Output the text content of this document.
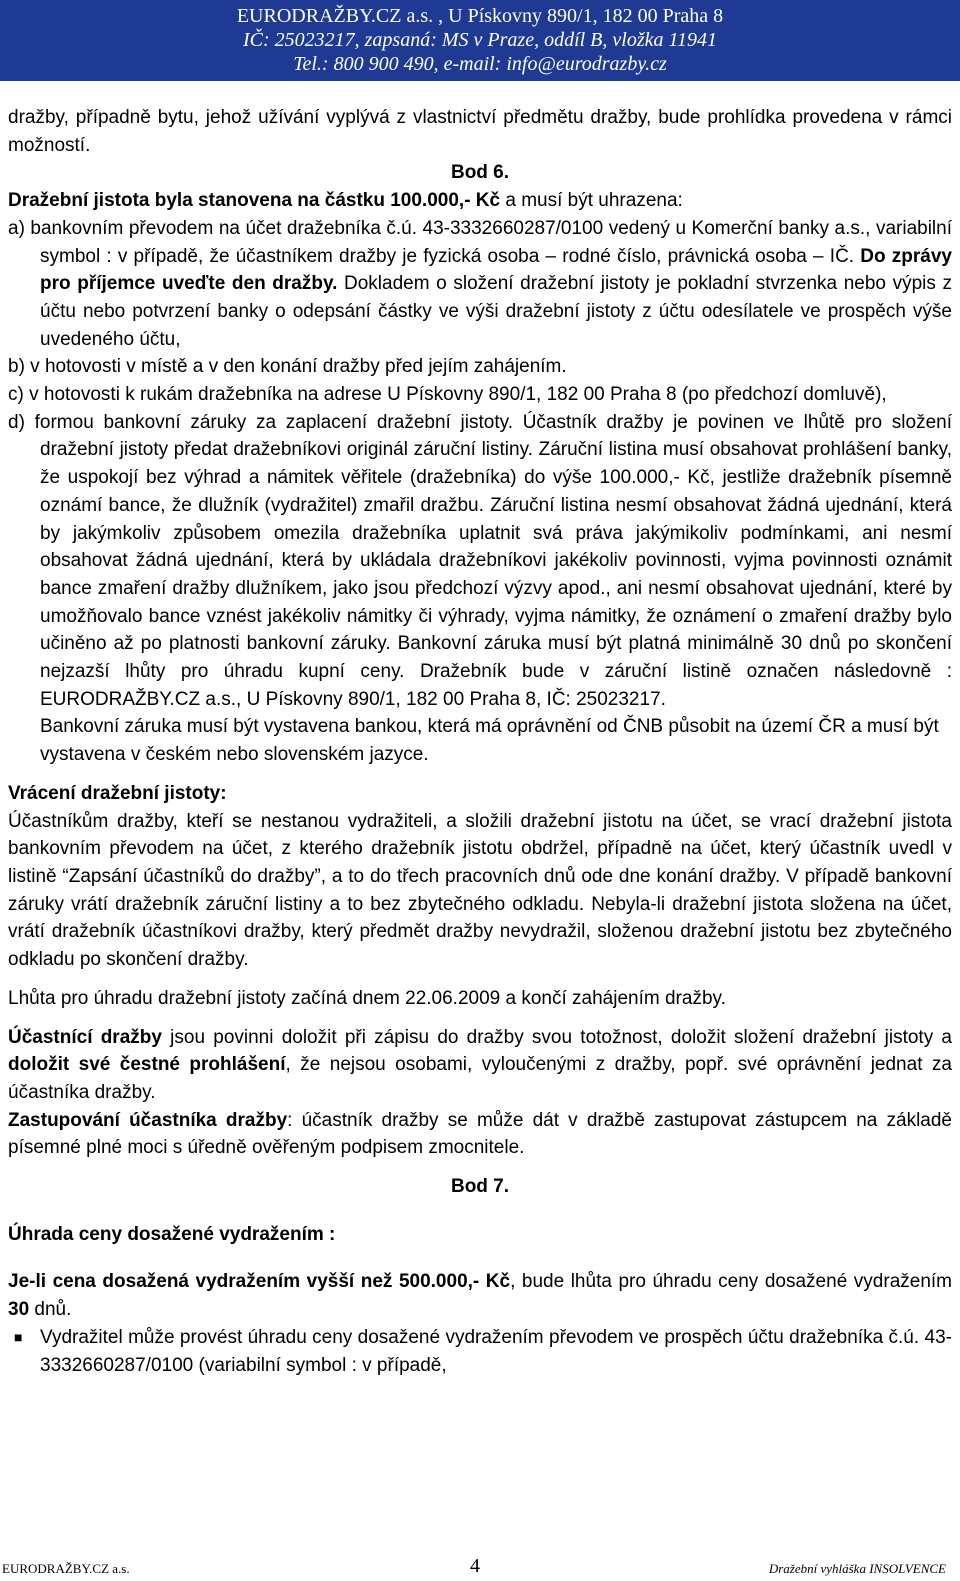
EURODRAŽBY.CZ a.s. , U Pískovny 890/1, 182 00 Praha 8
IČ: 25023217, zapsaná: MS v Praze, oddíl B, vložka 11941
Tel.: 800 900 490, e-mail: info@eurodrazby.cz

dražby, případně bytu, jehož užívání vyplývá z vlastnictví předmětu dražby, bude prohlídka provedena v rámci možností.

Bod 6.

Dražební jistota byla stanovena na částku 100.000,- Kč a musí být uhrazena:

a) bankovním převodem na účet dražebníka č.ú. 43-3332660287/0100 vedený u Komerční banky a.s., variabilní symbol : v případě, že účastníkem dražby je fyzická osoba – rodné číslo, právnická osoba – IČ. Do zprávy pro příjemce uveďte den dražby. Dokladem o složení dražební jistoty je pokladní stvrzenka nebo výpis z účtu nebo potvrzení banky o odepsání částky ve výši dražební jistoty z účtu odesílatele ve prospěch výše uvedeného účtu,

b) v hotovosti v místě a v den konání dražby před jejím zahájením.

c) v hotovosti k rukám dražebníka na adrese U Pískovny 890/1, 182 00 Praha 8 (po předchozí domluvě),

d) formou bankovní záruky za zaplacení dražební jistoty. Účastník dražby je povinen ve lhůtě pro složení dražební jistoty předat dražebníkovi originál záruční listiny. Záruční listina musí obsahovat prohlášení banky, že uspokojí bez výhrad a námitek věřitele (dražebníka) do výše 100.000,- Kč, jestliže dražebník písemně oznámí bance, že dlužník (vydražitel) zmařil dražbu. Záruční listina nesmí obsahovat žádná ujednání, která by jakýmkoliv způsobem omezila dražebníka uplatnit svá práva jakýmikoliv podmínkami, ani nesmí obsahovat žádná ujednání, která by ukládala dražebníkovi jakékoliv povinnosti, vyjma povinnosti oznámit bance zmaření dražby dlužníkem, jako jsou předchozí výzvy apod., ani nesmí obsahovat ujednání, které by umožňovalo bance vznést jakékoliv námitky či výhrady, vyjma námitky, že oznámení o zmaření dražby bylo učiněno až po platnosti bankovní záruky. Bankovní záruka musí být platná minimálně 30 dnů po skončení nejzazší lhůty pro úhradu kupní ceny. Dražebník bude v záruční listině označen následovně : EURODRAŽBY.CZ a.s., U Pískovny 890/1, 182 00 Praha 8, IČ: 25023217.

Bankovní záruka musí být vystavena bankou, která má oprávnění od ČNB působit na území ČR a musí být vystavena v českém nebo slovenském jazyce.

Vrácení dražební jistoty:

Účastníkům dražby, kteří se nestanou vydražiteli, a složili dražební jistotu na účet, se vrací dražební jistota bankovním převodem na účet, z kterého dražebník jistotu obdržel, případně na účet, který účastník uvedl v listině “Zapsání účastníků do dražby”, a to do třech pracovních dnů ode dne konání dražby. V případě bankovní záruky vrátí dražebník záruční listiny a to bez zbytečného odkladu. Nebyla-li dražební jistota složena na účet, vrátí dražebník účastníkovi dražby, který předmět dražby nevydražil, složenou dražební jistotu bez zbytečného odkladu po skončení dražby.

Lhůta pro úhradu dražební jistoty začíná dnem 22.06.2009 a končí zahájením dražby.

Účastnící dražby jsou povinni doložit při zápisu do dražby svou totožnost, doložit složení dražební jistoty a doložit své čestné prohlášení, že nejsou osobami, vyloučenými z dražby, popř. své oprávnění jednat za účastníka dražby.

Zastupování účastníka dražby: účastník dražby se může dát v dražbě zastupovat zástupcem na základě písemné plné moci s úředně ověřeným podpisem zmocnitele.

Bod 7.

Úhrada ceny dosažené vydražením :

Je-li cena dosažená vydražením vyšší než 500.000,- Kč, bude lhůta pro úhradu ceny dosažené vydražením 30 dnů.

■ Vydražitel může provést úhradu ceny dosažené vydražením převodem ve prospěch účtu dražebníka č.ú. 43-3332660287/0100 (variabilní symbol : v případě,
EURODRAŽBY.CZ a.s.	4	Dražební vyhláška INSOLVENCE
